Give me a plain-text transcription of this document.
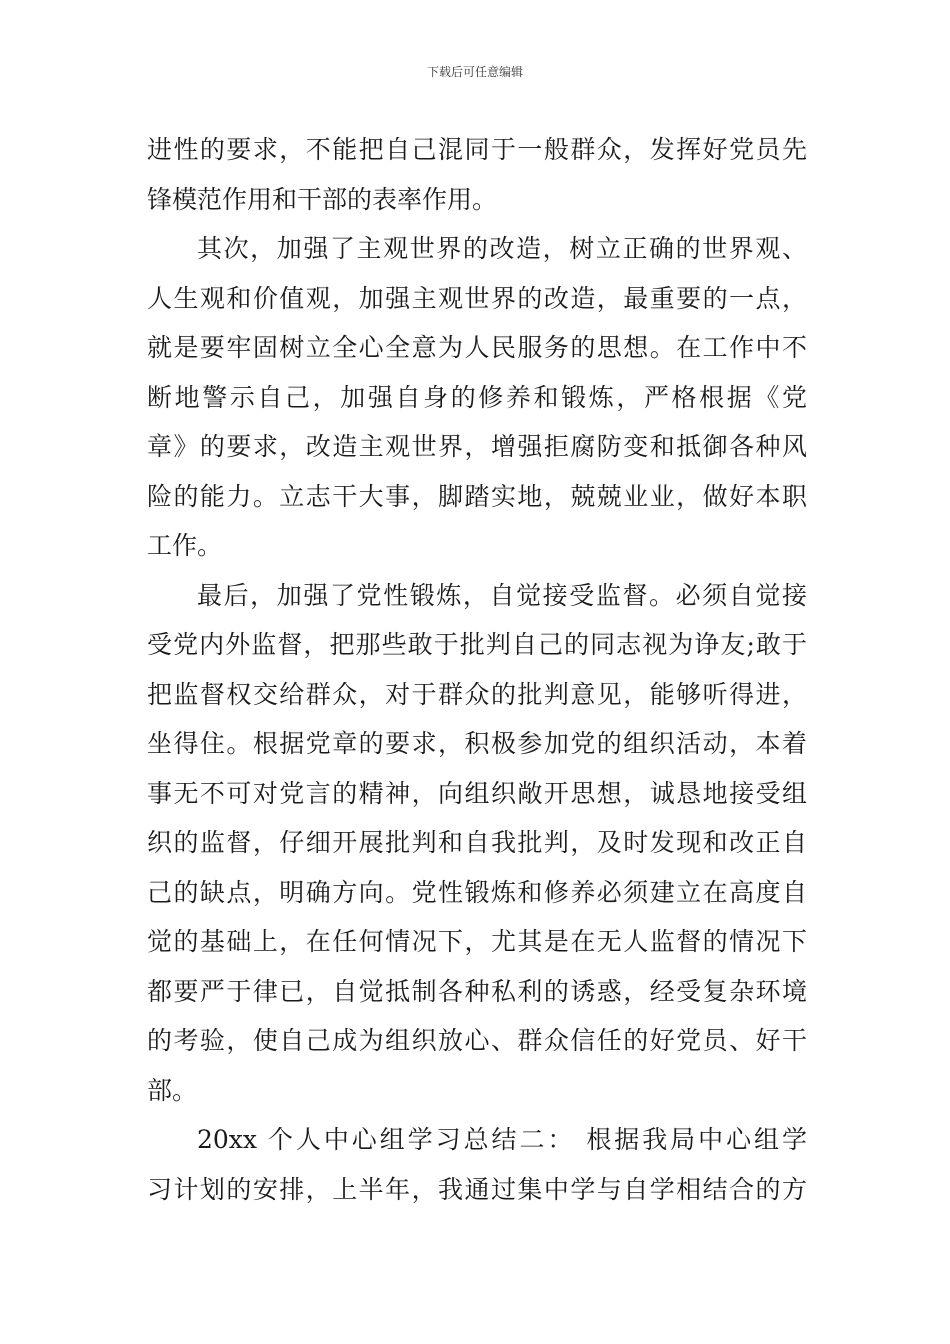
下载后可任意编辑
进性的要求，不能把自己混同于一般群众，发挥好党员先
锋模范作用和干部的表率作用。
其次，加强了主观世界的改造，树立正确的世界观、
人生观和价值观，加强主观世界的改造，最重要的一点，
就是要牢固树立全心全意为人民服务的思想。在工作中不
断地警示自己，加强自身的修养和锻炼，严格根据《党
章》的要求，改造主观世界，增强拒腐防变和抵御各种风
险的能力。立志干大事，脚踏实地，兢兢业业，做好本职
工作。
最后，加强了党性锻炼，自觉接受监督。必须自觉接
受党内外监督，把那些敢于批判自己的同志视为诤友;敢于
把监督权交给群众，对于群众的批判意见，能够听得进，
坐得住。根据党章的要求，积极参加党的组织活动，本着
事无不可对党言的精神，向组织敞开思想，诚恳地接受组
织的监督，仔细开展批判和自我批判，及时发现和改正自
己的缺点，明确方向。党性锻炼和修养必须建立在高度自
觉的基础上，在任何情况下，尤其是在无人监督的情况下
都要严于律已，自觉抵制各种私利的诱惑，经受复杂环境
的考验，使自己成为组织放心、群众信任的好党员、好干
部。
20xx 个人中心组学习总结二： 根据我局中心组学
习计划的安排，上半年，我通过集中学与自学相结合的方
